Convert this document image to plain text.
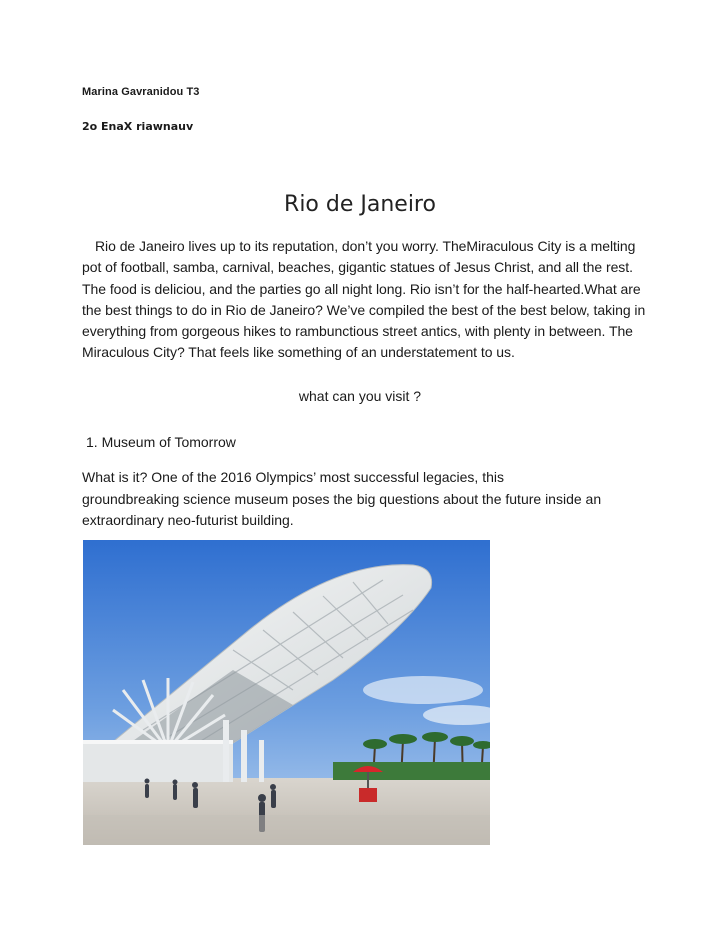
Marina Gavranidou T3
2o EnaX riawnauv
Rio de Janeiro

Rio de Janeiro lives up to its reputation, don’t you worry. TheMiraculous City is a melting pot of football, samba, carnival, beaches, gigantic statues of Jesus Christ, and all the rest. The food is deliciou, and the parties go all night long. Rio isn’t for the half-hearted.What are the best things to do in Rio de Janeiro? We’ve compiled the best of the best below, taking in everything from gorgeous hikes to rambunctious street antics, with plenty in between. The Miraculous City? That feels like something of an understatement to us.

what can you visit ?
1. Museum of Tomorrow

What is it? One of the 2016 Olympics’ most successful legacies, this groundbreaking science museum poses the big questions about the future inside an extraordinary neo-futurist building.
